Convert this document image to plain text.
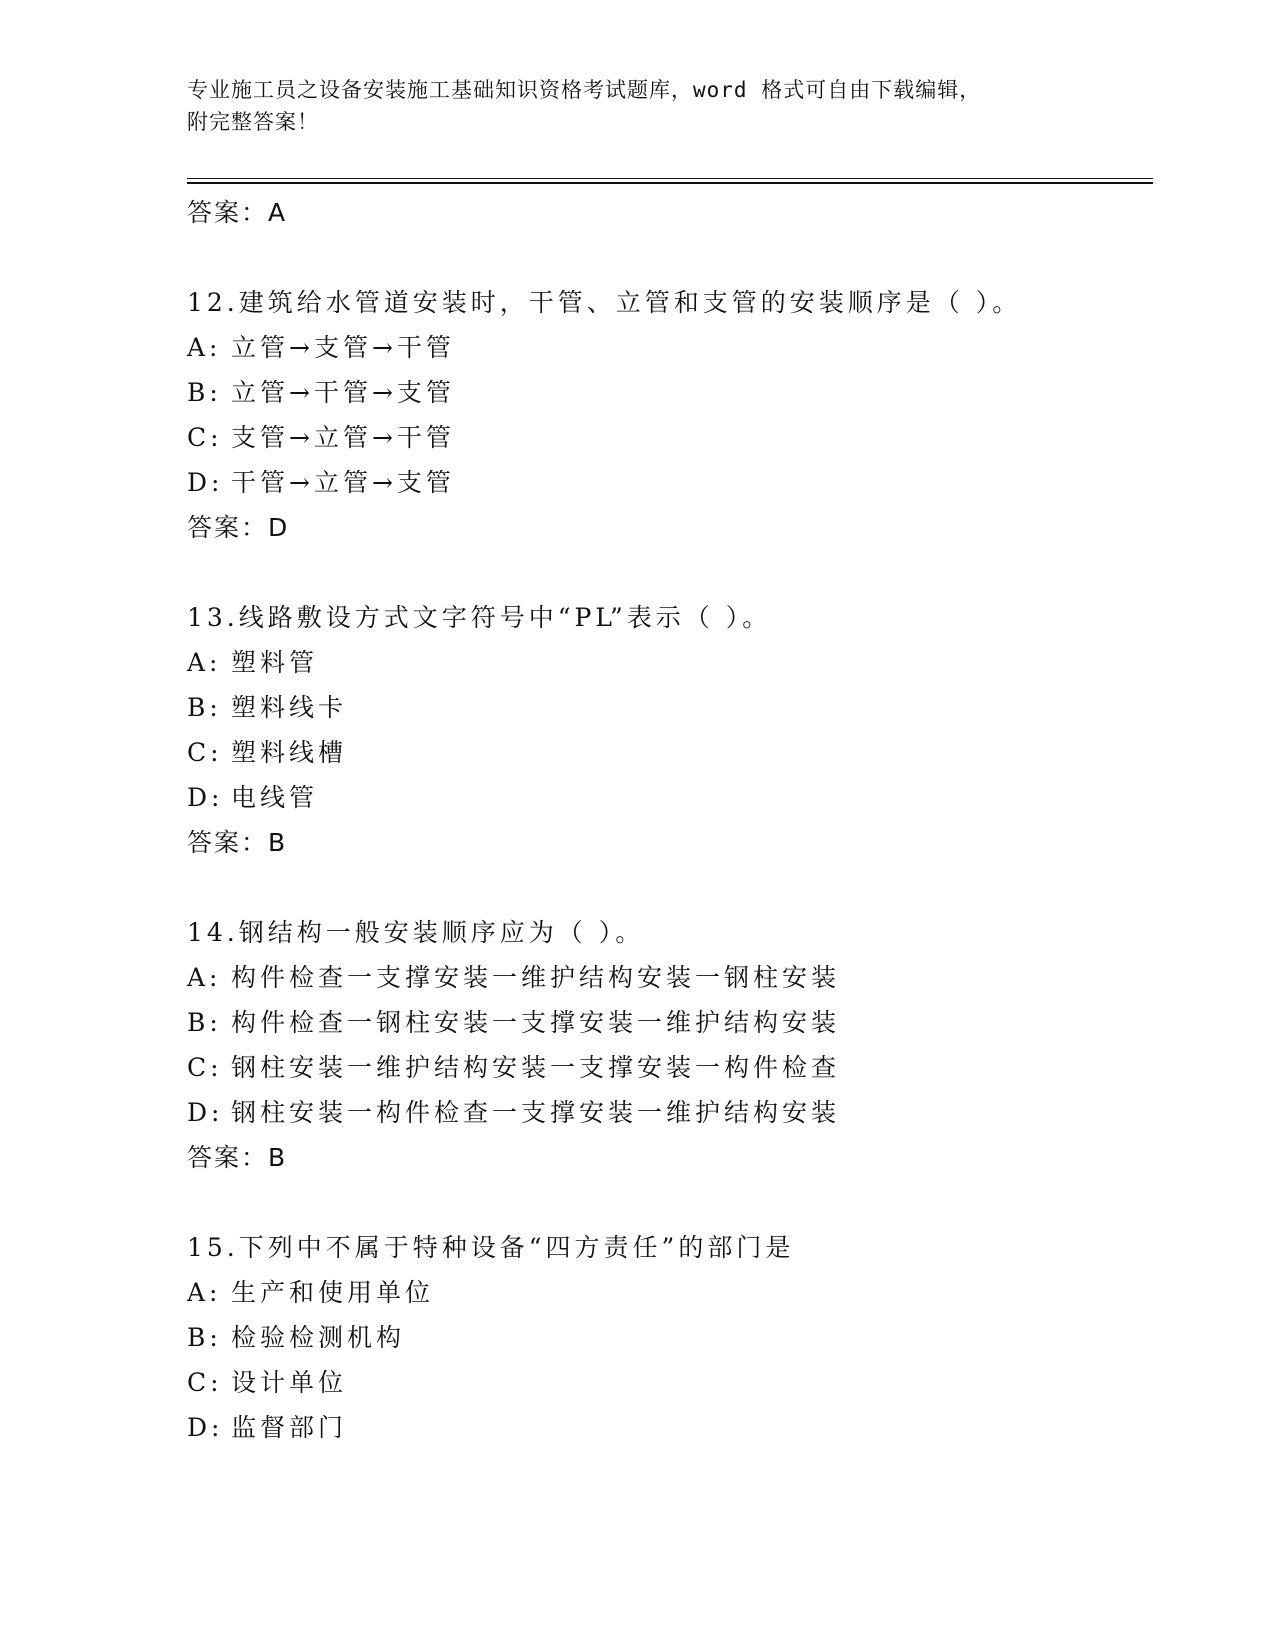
专业施工员之设备安装施工基础知识资格考试题库，word 格式可自由下载编辑，
附完整答案！
答案：A
12.建筑给水管道安装时，干管、立管和支管的安装顺序是（ ）。
A: 立管→支管→干管
B: 立管→干管→支管
C: 支管→立管→干管
D: 干管→立管→支管
答案：D
13.线路敷设方式文字符号中“PL”表示（ ）。
A: 塑料管
B: 塑料线卡
C: 塑料线槽
D: 电线管
答案：B
14.钢结构一般安装顺序应为（ ）。
A: 构件检查一支撑安装一维护结构安装一钢柱安装
B: 构件检查一钢柱安装一支撑安装一维护结构安装
C: 钢柱安装一维护结构安装一支撑安装一构件检查
D: 钢柱安装一构件检查一支撑安装一维护结构安装
答案：B
15.下列中不属于特种设备“四方责任”的部门是
A: 生产和使用单位
B: 检验检测机构
C: 设计单位
D: 监督部门
